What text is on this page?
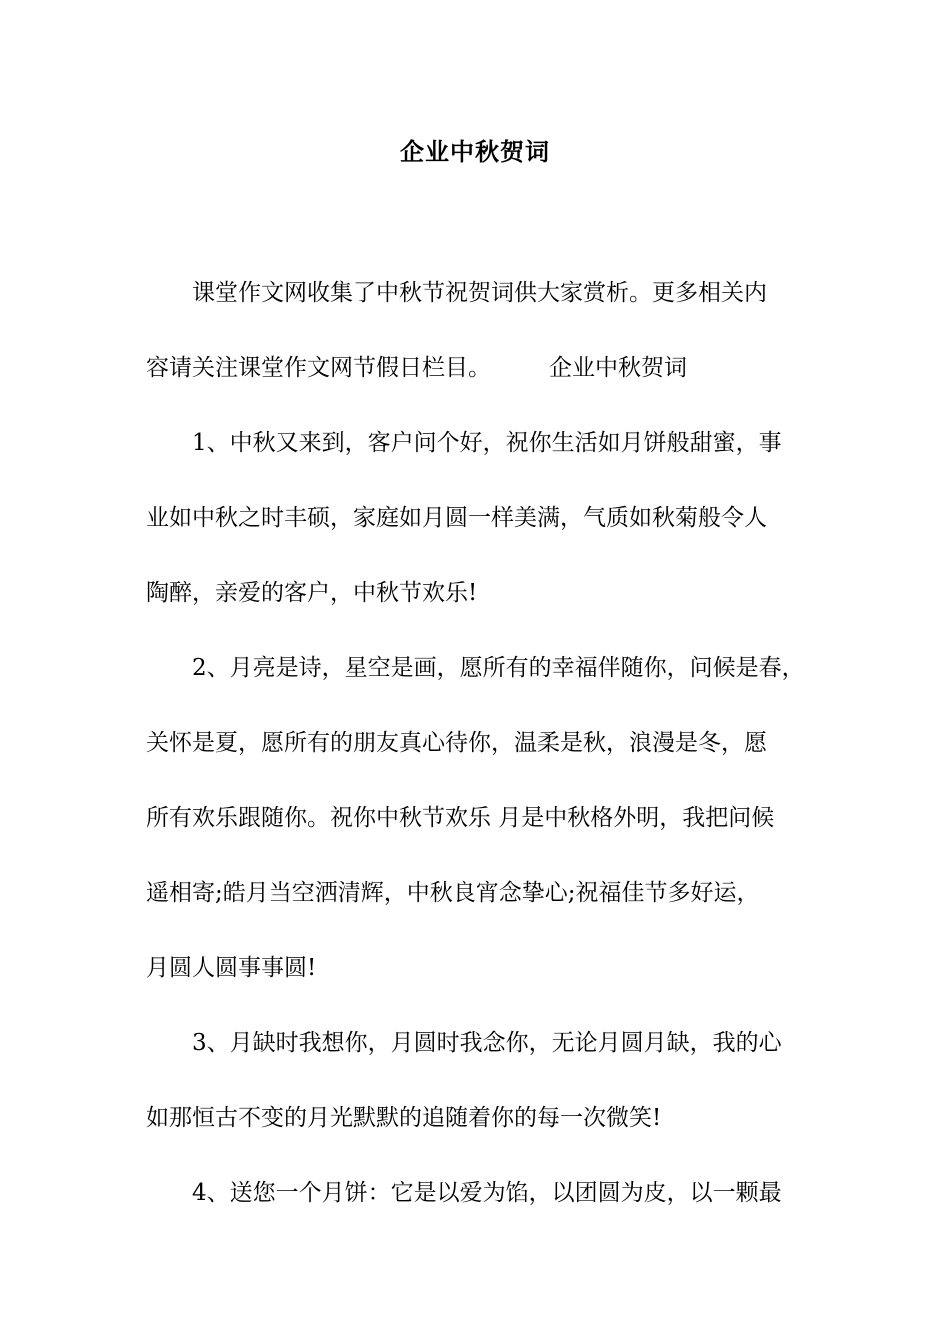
企业中秋贺词
课堂作文网收集了中秋节祝贺词供大家赏析。更多相关内
容请关注课堂作文网节假日栏目。	企业中秋贺词
1、中秋又来到，客户问个好，祝你生活如月饼般甜蜜，事
业如中秋之时丰硕，家庭如月圆一样美满，气质如秋菊般令人
陶醉，亲爱的客户，中秋节欢乐!
2、月亮是诗，星空是画，愿所有的幸福伴随你，问候是春，
关怀是夏，愿所有的朋友真心待你，温柔是秋，浪漫是冬，愿
所有欢乐跟随你。祝你中秋节欢乐 月是中秋格外明，我把问候
遥相寄;皓月当空洒清辉，中秋良宵念挚心;祝福佳节多好运，
月圆人圆事事圆!
3、月缺时我想你，月圆时我念你，无论月圆月缺，我的心
如那恒古不变的月光默默的追随着你的每一次微笑!
4、送您一个月饼：它是以爱为馅，以团圆为皮，以一颗最
